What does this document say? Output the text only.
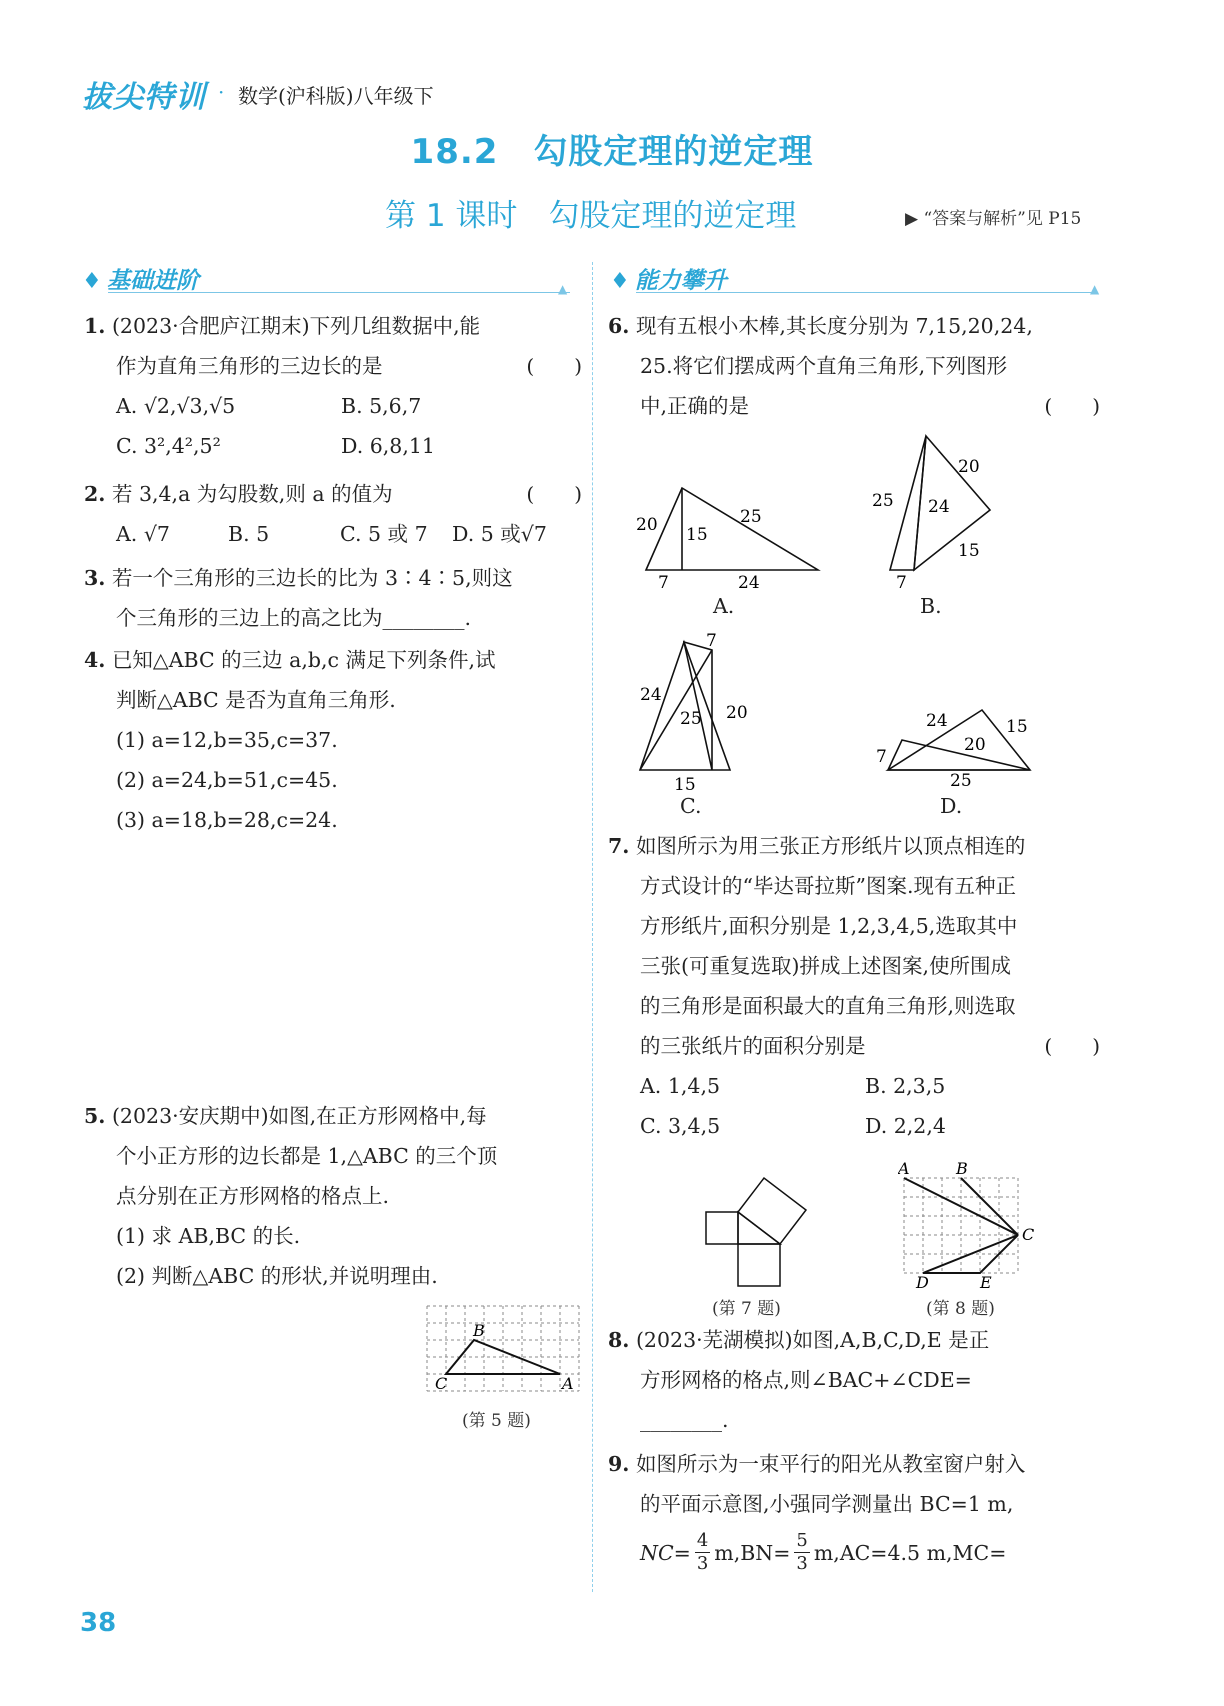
拔尖特训 · 数学(沪科版)八年级下
18.2　勾股定理的逆定理
第 1 课时　勾股定理的逆定理	▶ “答案与解析”见 P15
♦ 基础进阶	▲ ♦ 能力攀升	▲
1. (2023·合肥庐江期末)下列几组数据中,能
作为直角三角形的三边长的是	(　　)
A. √2,√3,√5	B. 5,6,7
C. 3²,4²,5²	D. 6,8,11
2. 若 3,4,a 为勾股数,则 a 的值为	(　　)
A. √7	B. 5	C. 5 或 7 D. 5 或√7
3. 若一个三角形的三边长的比为 3∶4∶5,则这
个三角形的三边上的高之比为________.
4. 已知△ABC 的三边 a,b,c 满足下列条件,试
判断△ABC 是否为直角三角形.
(1) a=12,b=35,c=37.
(2) a=24,b=51,c=45.
(3) a=18,b=28,c=24.
5. (2023·安庆期中)如图,在正方形网格中,每
个小正方形的边长都是 1,△ABC 的三个顶
点分别在正方形网格的格点上.
(1) 求 AB,BC 的长.
(2) 判断△ABC 的形状,并说明理由.
B
C	A
(第 5 题)
6. 现有五根小木棒,其长度分别为 7,15,20,24,
25.将它们摆成两个直角三角形,下列图形
中,正确的是	(　　)
20 15
25
7	24
A.
25
20
24
15
7
B.
7
24
25 20
15
C.
24	15
7
20
25
D.
7. 如图所示为用三张正方形纸片以顶点相连的
方式设计的“毕达哥拉斯”图案.现有五种正
方形纸片,面积分别是 1,2,3,4,5,选取其中
三张(可重复选取)拼成上述图案,使所围成
的三角形是面积最大的直角三角形,则选取
的三张纸片的面积分别是	(　　)
A. 1,4,5	B. 2,3,5
C. 3,4,5	D. 2,2,4
(第 7 题)
A	B
C
D	E
(第 8 题)
8. (2023·芜湖模拟)如图,A,B,C,D,E 是正
方形网格的格点,则∠BAC+∠CDE=
________.
9. 如图所示为一束平行的阳光从教室窗户射入
的平面示意图,小强同学测量出 BC=1 m,
$NC= \frac{4}{3} m,BN= \frac{5}{3} m,AC=4.5$ m,MC=
38
